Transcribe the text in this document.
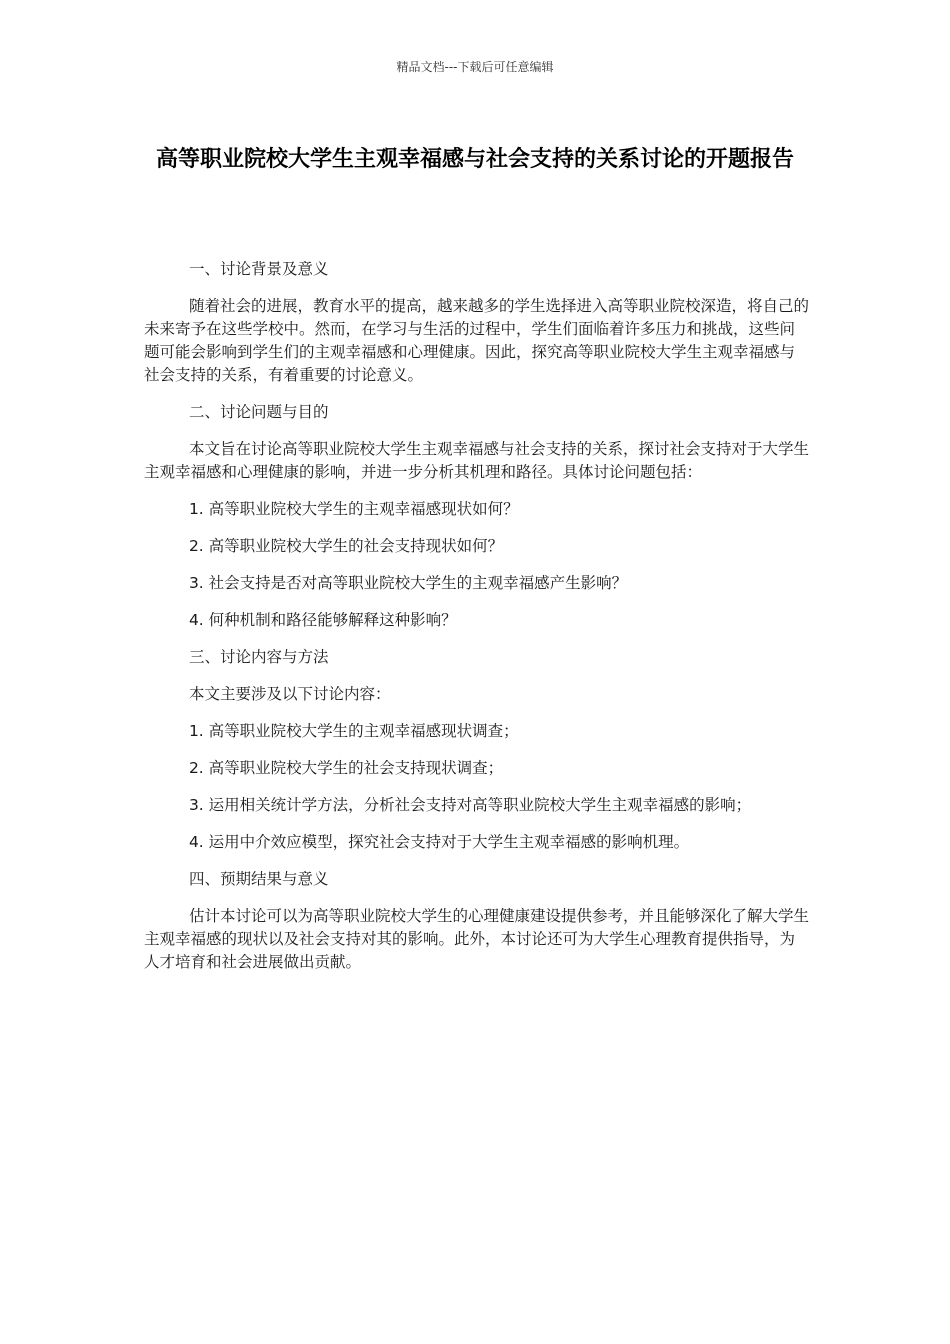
精品文档---下载后可任意编辑
高等职业院校大学生主观幸福感与社会支持的关系讨论的开题报告

一、讨论背景及意义

随着社会的进展，教育水平的提高，越来越多的学生选择进入高等职业院校深造，将自己的未来寄予在这些学校中。然而，在学习与生活的过程中，学生们面临着许多压力和挑战，这些问题可能会影响到学生们的主观幸福感和心理健康。因此，探究高等职业院校大学生主观幸福感与社会支持的关系，有着重要的讨论意义。

二、讨论问题与目的

本文旨在讨论高等职业院校大学生主观幸福感与社会支持的关系，探讨社会支持对于大学生主观幸福感和心理健康的影响，并进一步分析其机理和路径。具体讨论问题包括：

1. 高等职业院校大学生的主观幸福感现状如何？

2. 高等职业院校大学生的社会支持现状如何？

3. 社会支持是否对高等职业院校大学生的主观幸福感产生影响？

4. 何种机制和路径能够解释这种影响？

三、讨论内容与方法

本文主要涉及以下讨论内容：

1. 高等职业院校大学生的主观幸福感现状调查；

2. 高等职业院校大学生的社会支持现状调查；

3. 运用相关统计学方法，分析社会支持对高等职业院校大学生主观幸福感的影响；

4. 运用中介效应模型，探究社会支持对于大学生主观幸福感的影响机理。

四、预期结果与意义

估计本讨论可以为高等职业院校大学生的心理健康建设提供参考，并且能够深化了解大学生主观幸福感的现状以及社会支持对其的影响。此外，本讨论还可为大学生心理教育提供指导，为人才培育和社会进展做出贡献。
